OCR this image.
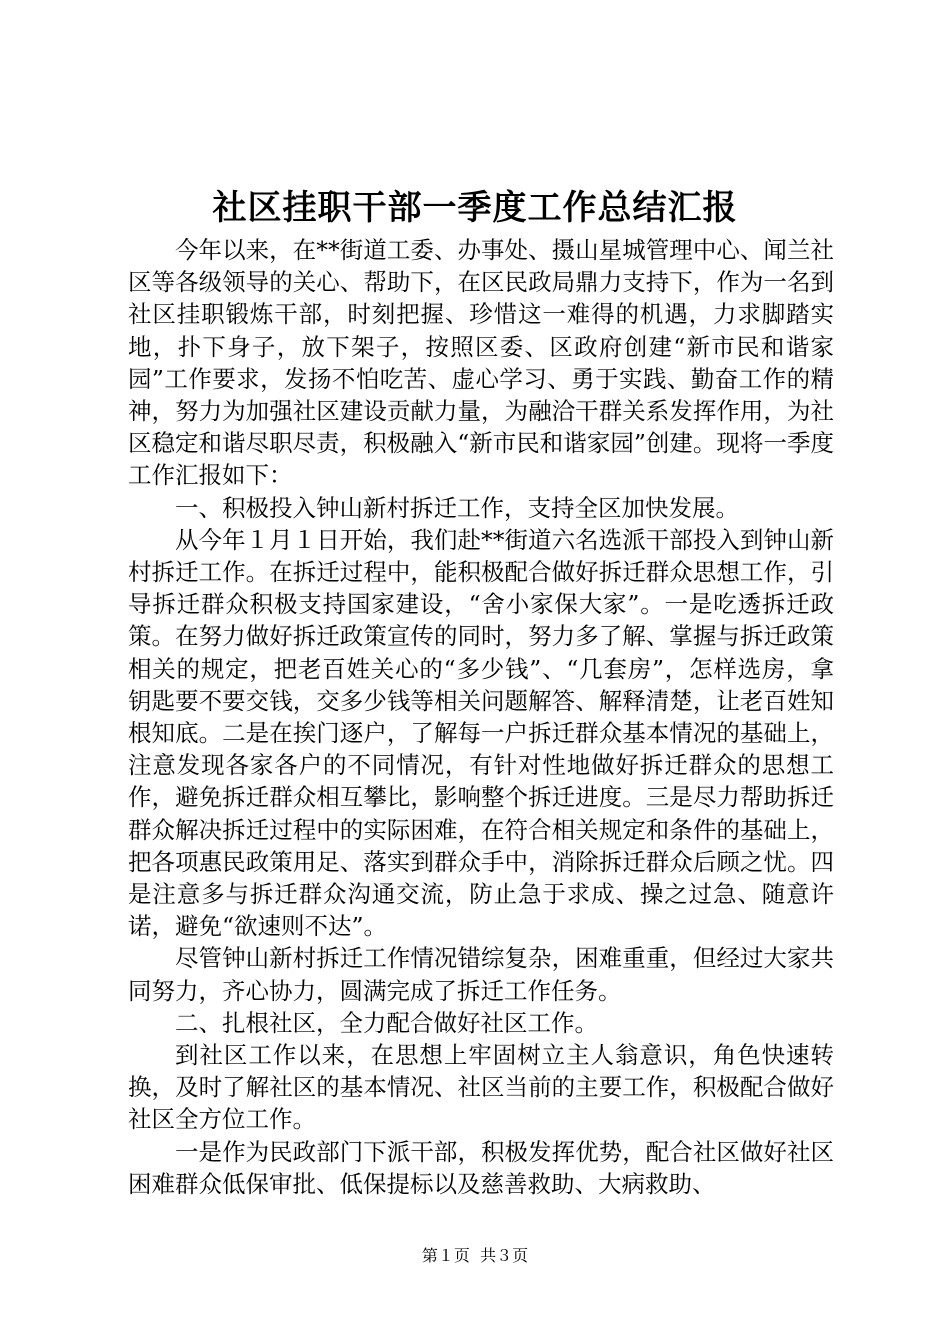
社区挂职干部一季度工作总结汇报

今年以来，在**街道工委、办事处、摄山星城管理中心、闻兰社区等各级领导的关心、帮助下，在区民政局鼎力支持下，作为一名到社区挂职锻炼干部，时刻把握、珍惜这一难得的机遇，力求脚踏实地，扑下身子，放下架子，按照区委、区政府创建“新市民和谐家园”工作要求，发扬不怕吃苦、虚心学习、勇于实践、勤奋工作的精神，努力为加强社区建设贡献力量，为融洽干群关系发挥作用，为社区稳定和谐尽职尽责，积极融入“新市民和谐家园”创建。现将一季度工作汇报如下：

一、积极投入钟山新村拆迁工作，支持全区加快发展。

从今年１月１日开始，我们赴**街道六名选派干部投入到钟山新村拆迁工作。在拆迁过程中，能积极配合做好拆迁群众思想工作，引导拆迁群众积极支持国家建设，“舍小家保大家”。一是吃透拆迁政策。在努力做好拆迁政策宣传的同时，努力多了解、掌握与拆迁政策相关的规定，把老百姓关心的“多少钱”、“几套房”，怎样选房，拿钥匙要不要交钱，交多少钱等相关问题解答、解释清楚，让老百姓知根知底。二是在挨门逐户，了解每一户拆迁群众基本情况的基础上，注意发现各家各户的不同情况，有针对性地做好拆迁群众的思想工作，避免拆迁群众相互攀比，影响整个拆迁进度。三是尽力帮助拆迁群众解决拆迁过程中的实际困难，在符合相关规定和条件的基础上，把各项惠民政策用足、落实到群众手中，消除拆迁群众后顾之忧。四是注意多与拆迁群众沟通交流，防止急于求成、操之过急、随意许诺，避免“欲速则不达”。

尽管钟山新村拆迁工作情况错综复杂，困难重重，但经过大家共同努力，齐心协力，圆满完成了拆迁工作任务。

二、扎根社区，全力配合做好社区工作。

到社区工作以来，在思想上牢固树立主人翁意识，角色快速转换，及时了解社区的基本情况、社区当前的主要工作，积极配合做好社区全方位工作。

一是作为民政部门下派干部，积极发挥优势，配合社区做好社区困难群众低保审批、低保提标以及慈善救助、大病救助、

第１页 共３页
